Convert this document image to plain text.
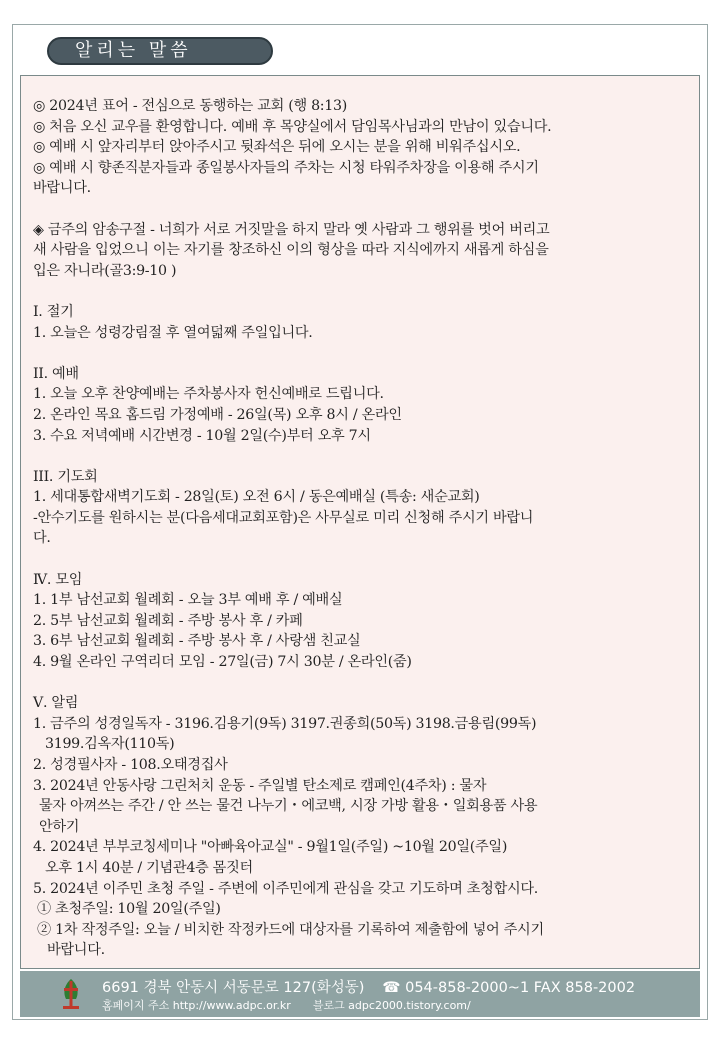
알리는 말씀
◎ 2024년 표어 - 전심으로 동행하는 교회 (행 8:13)
◎ 처음 오신 교우를 환영합니다. 예배 후 목양실에서 담임목사님과의 만남이 있습니다.
◎ 예배 시 앞자리부터 앉아주시고 뒷좌석은 뒤에 오시는 분을 위해 비워주십시오.
◎ 예배 시 향존직분자들과 종일봉사자들의 주차는 시청 타워주차장을 이용해 주시기
바랍니다.
◈ 금주의 암송구절 - 너희가 서로 거짓말을 하지 말라 옛 사람과 그 행위를 벗어 버리고
새 사람을 입었으니 이는 자기를 창조하신 이의 형상을 따라 지식에까지 새롭게 하심을
입은 자니라(골3:9-10 )
I. 절기
1. 오늘은 성령강림절 후 열여덟째 주일입니다.
II. 예배
1. 오늘 오후 찬양예배는 주차봉사자 헌신예배로 드립니다.
2. 온라인 목요 홈드림 가정예배 - 26일(목) 오후 8시 / 온라인
3. 수요 저녁예배 시간변경 - 10월 2일(수)부터 오후 7시
III. 기도회
1. 세대통합새벽기도회 - 28일(토) 오전 6시 / 동은예배실 (특송: 새순교회)
-안수기도를 원하시는 분(다음세대교회포함)은 사무실로 미리 신청해 주시기 바랍니
다.
Ⅳ. 모임
1. 1부 남선교회 월례회 - 오늘 3부 예배 후 / 예배실
2. 5부 남선교회 월례회 - 주방 봉사 후 / 카페
3. 6부 남선교회 월례회 - 주방 봉사 후 / 사랑샘 친교실
4. 9월 온라인 구역리더 모임 - 27일(금) 7시 30분 / 온라인(줌)
Ⅴ. 알림
1. 금주의 성경일독자 - 3196.김용기(9독) 3197.권종희(50독) 3198.금용림(99독)
3199.김옥자(110독)
2. 성경필사자 - 108.오태경집사
3. 2024년 안동사랑 그린처치 운동 - 주일별 탄소제로 캠페인(4주차) : 물자
물자 아껴쓰는 주간 / 안 쓰는 물건 나누기・에코백, 시장 가방 활용・일회용품 사용
안하기
4. 2024년 부부코칭세미나 "아빠육아교실" - 9월1일(주일) ~10월 20일(주일)
오후 1시 40분 / 기념관4층 몸짓터
5. 2024년 이주민 초청 주일 - 주변에 이주민에게 관심을 갖고 기도하며 초청합시다.
① 초청주일: 10월 20일(주일)
② 1차 작정주일: 오늘 / 비치한 작정카드에 대상자를 기록하여 제출함에 넣어 주시기
바랍니다.
6691 경북 안동시 서동문로 127(화성동) ☎ 054-858-2000~1 FAX 858-2002
홈페이지 주소 http://www.adpc.or.kr 블로그 adpc2000.tistory.com/
